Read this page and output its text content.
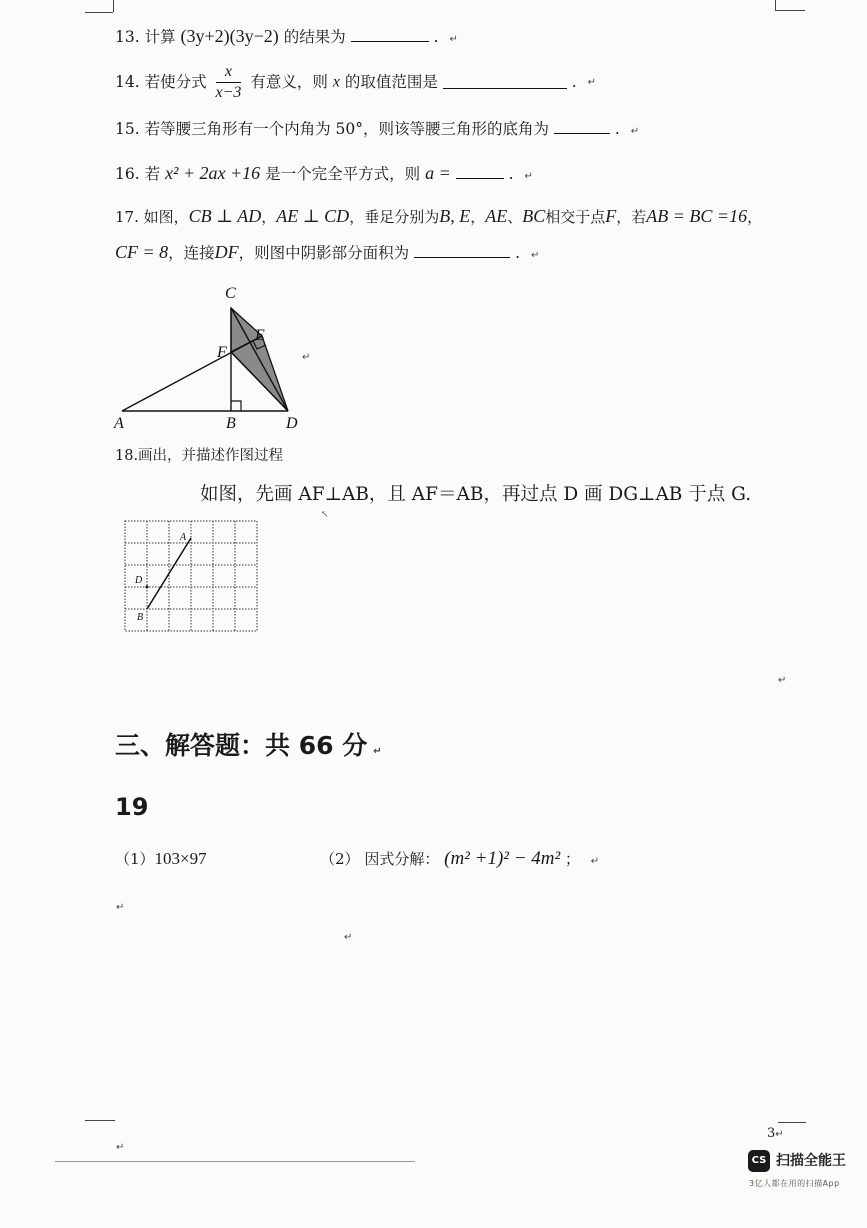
13. 计算 (3y+2)(3y−2) 的结果为	. ↵
14. 若使分式 $\frac{x}{x-3}$ 有意义，则 x 的取值范围是	. ↵
15. 若等腰三角形有一个内角为 50°，则该等腰三角形的底角为	. ↵
16. 若 x² + 2ax +16 是一个完全平方式，则 a =	. ↵
17. 如图，CB ⊥ AD，AE ⊥ CD，垂足分别为B, E，AE、BC相交于点F，若AB = BC =16，
CF = 8，连接DF，则图中阴影部分面积为	. ↵
C
E
F
A	B	D
↵
18.画出，并描述作图过程
如图，先画 AF⊥AB，且 AF＝AB，再过点 D 画 DG⊥AB 于点 G.
↖
A
D
B
↵
三、解答题：共 66 分 ↵
19
（1）103×97	（2） 因式分解： (m² +1)² − 4m² ； ↵
↵
↵
↵
3↵
CS 扫描全能王
3亿人都在用的扫描App
